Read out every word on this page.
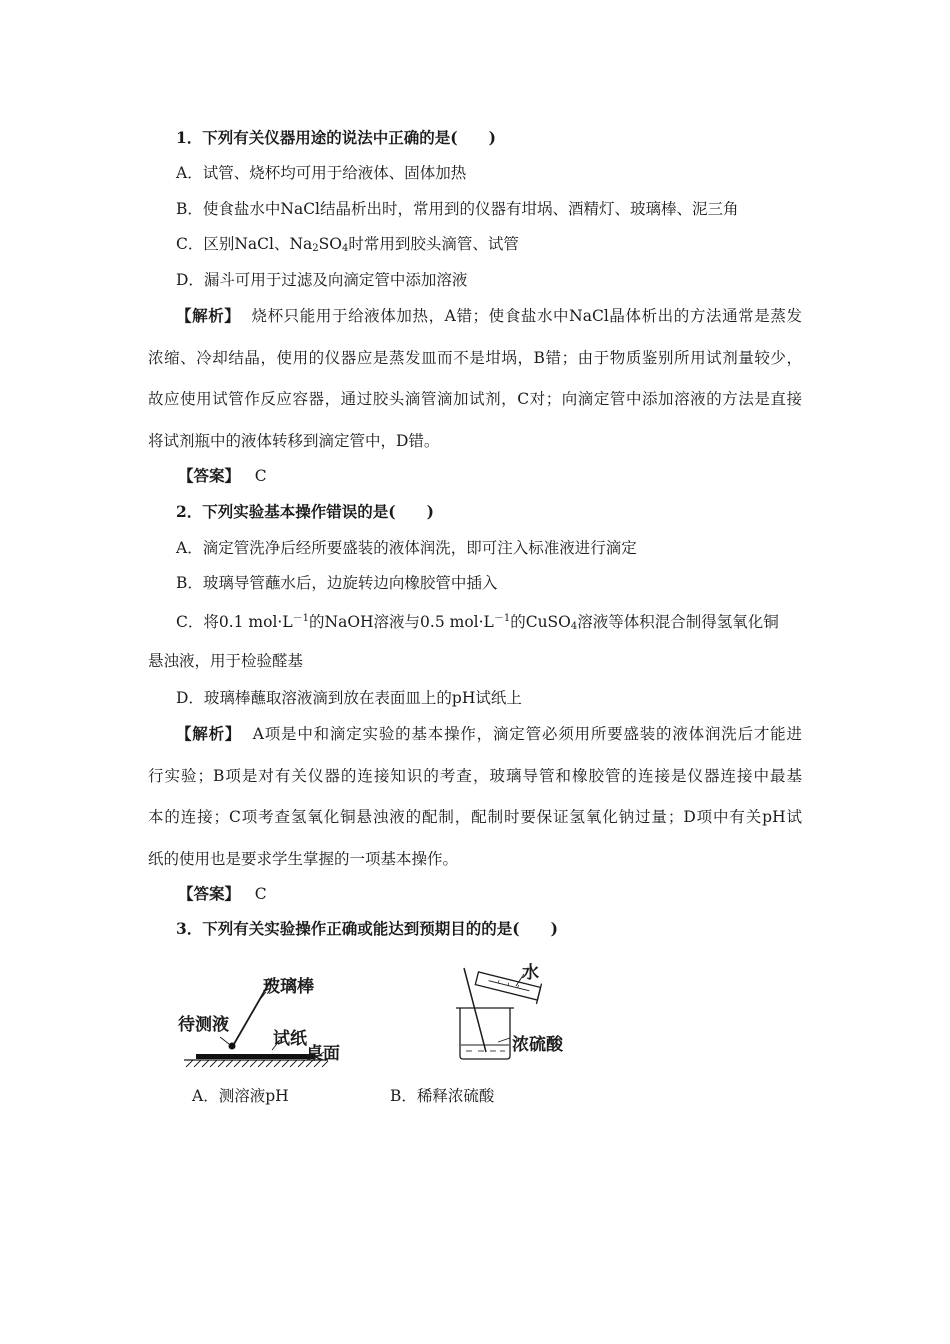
1．下列有关仪器用途的说法中正确的是(　　)
A．试管、烧杯均可用于给液体、固体加热
B．使食盐水中NaCl结晶析出时，常用到的仪器有坩埚、酒精灯、玻璃棒、泥三角
C．区别NaCl、$Na_2SO_4$时常用到胶头滴管、试管
D．漏斗可用于过滤及向滴定管中添加溶液
【解析】 烧杯只能用于给液体加热，A错；使食盐水中NaCl晶体析出的方法通常是蒸发
浓缩、冷却结晶，使用的仪器应是蒸发皿而不是坩埚，B错；由于物质鉴别所用试剂量较少，
故应使用试管作反应容器，通过胶头滴管滴加试剂，C对；向滴定管中添加溶液的方法是直接
将试剂瓶中的液体转移到滴定管中，D错。
【答案】 C
2．下列实验基本操作错误的是(　　)
A．滴定管洗净后经所要盛装的液体润洗，即可注入标准液进行滴定
B．玻璃导管蘸水后，边旋转边向橡胶管中插入
C．将0.1 $mol\cdot L^{-1}$的NaOH溶液与0.5 $mol\cdot L^{-1}$的CuSO$_4$溶液等体积混合制得氢氧化铜
悬浊液，用于检验醛基
D．玻璃棒蘸取溶液滴到放在表面皿上的pH试纸上
【解析】 A项是中和滴定实验的基本操作，滴定管必须用所要盛装的液体润洗后才能进
行实验；B项是对有关仪器的连接知识的考查，玻璃导管和橡胶管的连接是仪器连接中最基
本的连接；C项考查氢氧化铜悬浊液的配制，配制时要保证氢氧化钠过量；D项中有关pH试
纸的使用也是要求学生掌握的一项基本操作。
【答案】 C
3．下列有关实验操作正确或能达到预期目的的是(　　)
玻璃棒
待测液
试纸
桌面
A．测溶液pH
水
浓硫酸
B．稀释浓硫酸
